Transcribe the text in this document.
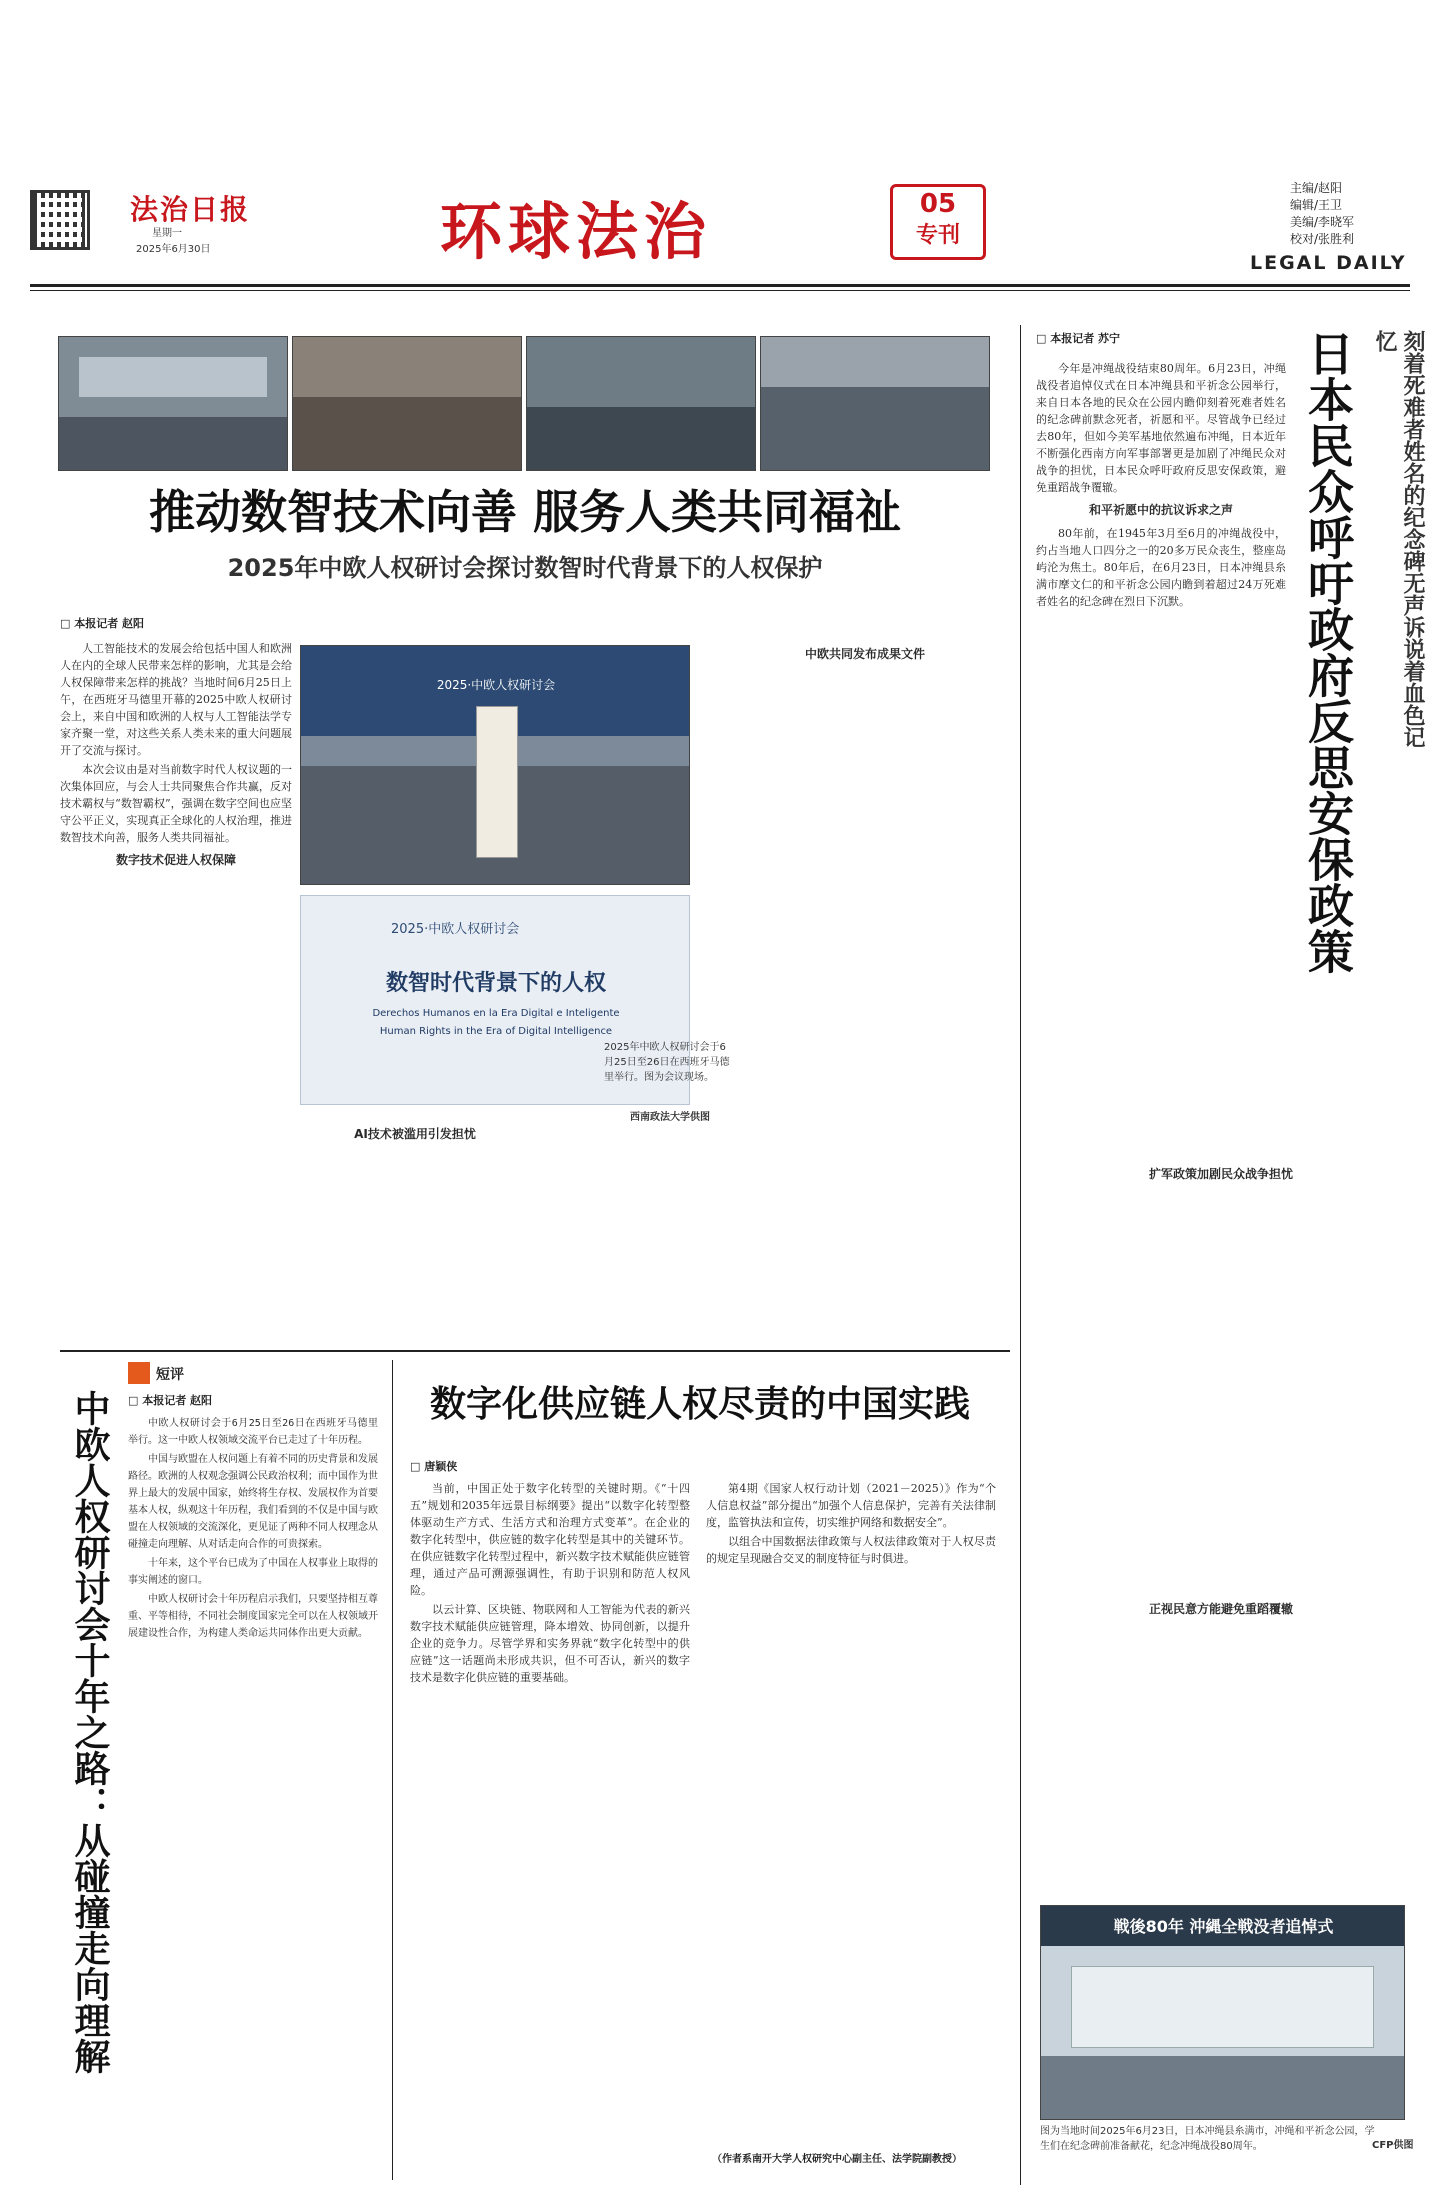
法治日报
星期一
2025年6月30日	环球法治	05
专刊
主编/赵阳
编辑/王卫
美编/李晓军
校对/张胜利
LEGAL DAILY
推动数智技术向善 服务人类共同福祉
2025年中欧人权研讨会探讨数智时代背景下的人权保护
□ 本报记者 赵阳

人工智能技术的发展会给包括中国人和欧洲人在内的全球人民带来怎样的影响，尤其是会给人权保障带来怎样的挑战？当地时间6月25日上午，在西班牙马德里开幕的2025中欧人权研讨会上，来自中国和欧洲的人权与人工智能法学专家齐聚一堂，对这些关系人类未来的重大问题展开了交流与探讨。

本次会议由是对当前数字时代人权议题的一次集体回应，与会人士共同聚焦合作共赢，反对技术霸权与“数智霸权”，强调在数字空间也应坚守公平正义，实现真正全球化的人权治理，推进数智技术向善，服务人类共同福祉。

数字技术促进人权保障
2025·中欧人权研讨会
2025·中欧人权研讨会
数智时代背景下的人权
Derechos Humanos en la Era Digital e Inteligente
Human Rights in the Era of Digital Intelligence
2025年中欧人权研讨会于6月25日至26日在西班牙马德里举行。图为会议现场。
西南政法大学供图
AI技术被滥用引发担忧
中欧共同发布成果文件
□ 本报记者 苏宁	刻着死难者姓名的纪念碑无声诉说着血色记忆
日本民众呼吁政府反思安保政策

今年是冲绳战役结束80周年。6月23日，冲绳战役者追悼仪式在日本冲绳县和平祈念公园举行，来自日本各地的民众在公园内瞻仰刻着死难者姓名的纪念碑前默念死者，祈愿和平。尽管战争已经过去80年，但如今美军基地依然遍布冲绳，日本近年不断强化西南方向军事部署更是加剧了冲绳民众对战争的担忧，日本民众呼吁政府反思安保政策，避免重蹈战争覆辙。

和平祈愿中的抗议诉求之声

80年前，在1945年3月至6月的冲绳战役中，约占当地人口四分之一的20多万民众丧生，整座岛屿沦为焦土。80年后，在6月23日，日本冲绳县糸满市摩文仁的和平祈念公园内瞻到着超过24万死难者姓名的纪念碑在烈日下沉默。

扩军政策加剧民众战争担忧
正视民意方能避免重蹈覆辙
戦後80年 沖縄全戦没者追悼式
图为当地时间2025年6月23日，日本冲绳县糸满市，冲绳和平祈念公园，学生们在纪念碑前准备献花，纪念冲绳战役80周年。	CFP供图
短评
□ 本报记者 赵阳
中欧人权研讨会十年之路：从碰撞走向理解	中欧人权研讨会于6月25日至26日在西班牙马德里举行。这一中欧人权领域交流平台已走过了十年历程。

中国与欧盟在人权问题上有着不同的历史背景和发展路径。欧洲的人权观念强调公民政治权利；而中国作为世界上最大的发展中国家，始终将生存权、发展权作为首要基本人权，纵观这十年历程，我们看到的不仅是中国与欧盟在人权领域的交流深化，更见证了两种不同人权理念从碰撞走向理解、从对话走向合作的可贵探索。

十年来，这个平台已成为了中国在人权事业上取得的事实阐述的窗口。

中欧人权研讨会十年历程启示我们，只要坚持相互尊重、平等相待，不同社会制度国家完全可以在人权领域开展建设性合作，为构建人类命运共同体作出更大贡献。

数字化供应链人权尽责的中国实践
□ 唐颖侠

当前，中国正处于数字化转型的关键时期。《“十四五”规划和2035年远景目标纲要》提出“以数字化转型整体驱动生产方式、生活方式和治理方式变革”。在企业的数字化转型中，供应链的数字化转型是其中的关键环节。在供应链数字化转型过程中，新兴数字技术赋能供应链管理，通过产品可溯源强调性，有助于识别和防范人权风险。

以云计算、区块链、物联网和人工智能为代表的新兴数字技术赋能供应链管理，降本增效、协同创新，以提升企业的竞争力。尽管学界和实务界就“数字化转型中的供应链”这一话题尚未形成共识，但不可否认，新兴的数字技术是数字化供应链的重要基础。

第4期《国家人权行动计划（2021－2025）》作为“个人信息权益”部分提出“加强个人信息保护，完善有关法律制度，监管执法和宣传，切实维护网络和数据安全”。

以组合中国数据法律政策与人权法律政策对于人权尽责的规定呈现融合交叉的制度特征与时俱进。

（作者系南开大学人权研究中心副主任、法学院副教授）
